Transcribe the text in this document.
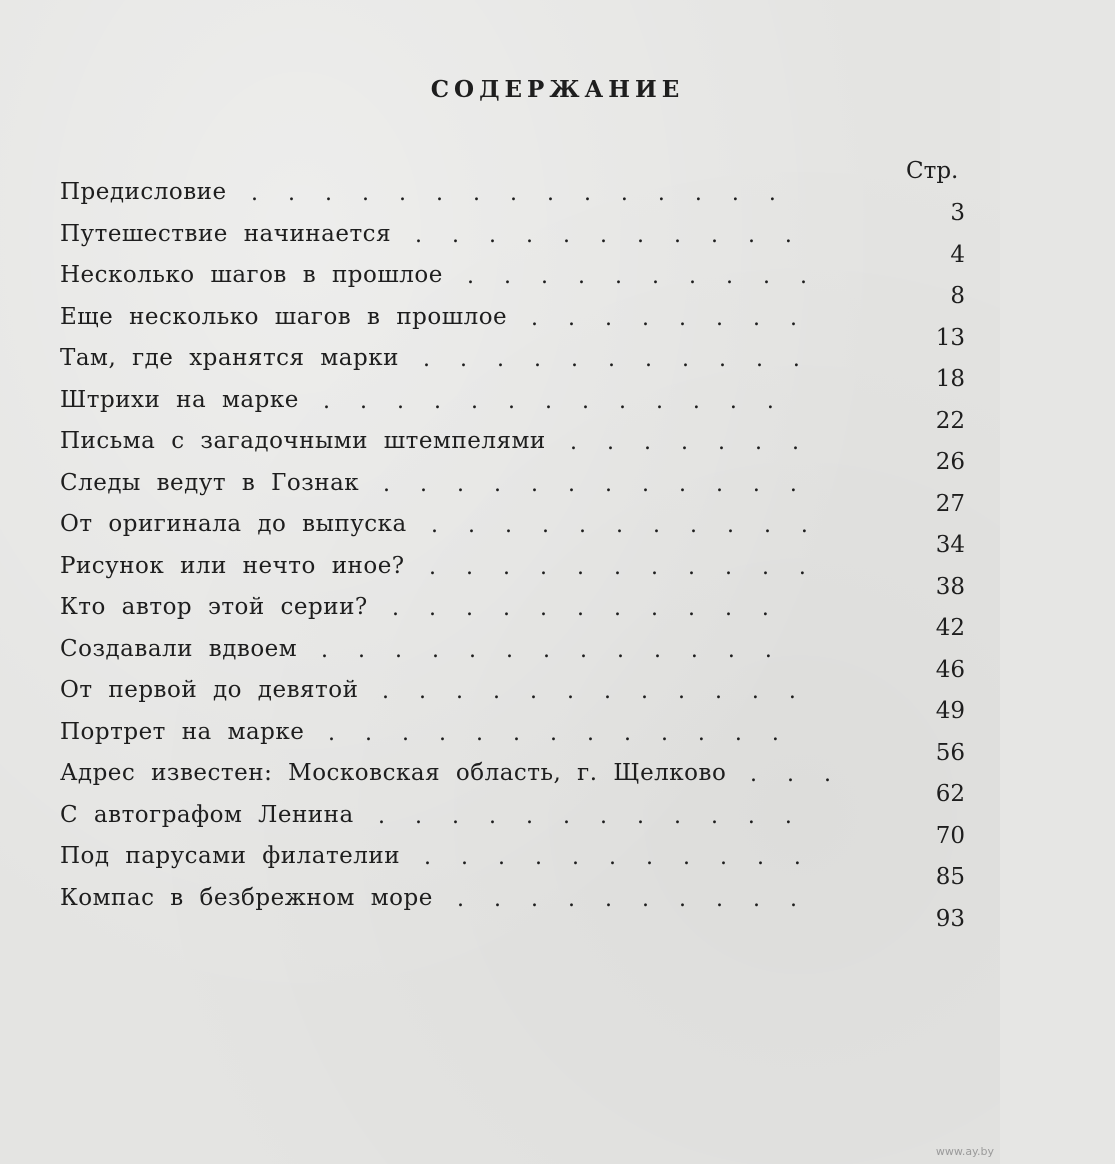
СОДЕРЖАНИЕ
Стр.
Предисловие
3
...............
Путешествие начинается
4
...........
Несколько шагов в прошлое
8
..........
Еще несколько шагов в прошлое
13
........
Там, где хранятся марки
18
...........
Штрихи на марке
22
.............
Письма с загадочными штемпелями
26
.......
Следы ведут в Гознак
27
............
От оригинала до выпуска
34
...........
Рисунок или нечто иное?
38
...........
Кто автор этой серии?
42
...........
Создавали вдвоем
46
.............
От первой до девятой
49
............
Портрет на марке
56
.............
Адрес известен: Московская область, г. Щелково
62
...
С автографом Ленина
70
............
Под парусами филателии
85
...........
Компас в безбрежном море
93
..........
www.ay.by
